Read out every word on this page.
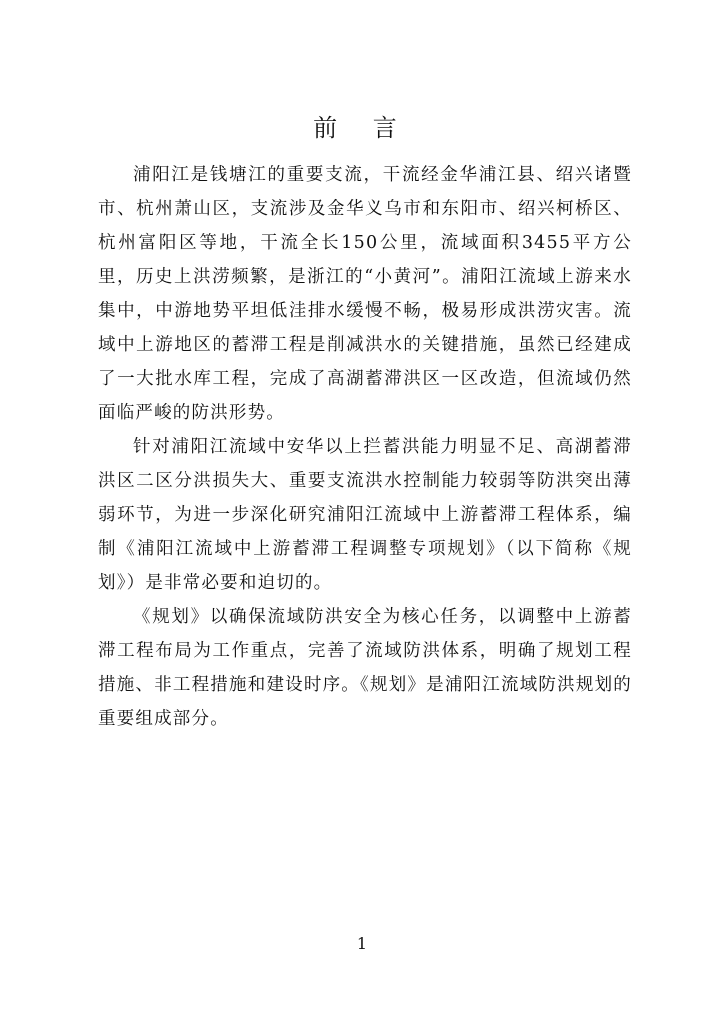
前 言

浦阳江是钱塘江的重要支流，干流经金华浦江县、绍兴诸暨市、杭州萧山区，支流涉及金华义乌市和东阳市、绍兴柯桥区、杭州富阳区等地，干流全长150公里，流域面积3455平方公里，历史上洪涝频繁，是浙江的“小黄河”。浦阳江流域上游来水集中，中游地势平坦低洼排水缓慢不畅，极易形成洪涝灾害。流域中上游地区的蓄滞工程是削减洪水的关键措施，虽然已经建成了一大批水库工程，完成了高湖蓄滞洪区一区改造，但流域仍然面临严峻的防洪形势。

针对浦阳江流域中安华以上拦蓄洪能力明显不足、高湖蓄滞洪区二区分洪损失大、重要支流洪水控制能力较弱等防洪突出薄弱环节，为进一步深化研究浦阳江流域中上游蓄滞工程体系，编制《浦阳江流域中上游蓄滞工程调整专项规划》（以下简称《规划》）是非常必要和迫切的。

《规划》以确保流域防洪安全为核心任务，以调整中上游蓄滞工程布局为工作重点，完善了流域防洪体系，明确了规划工程措施、非工程措施和建设时序。《规划》是浦阳江流域防洪规划的重要组成部分。

1
